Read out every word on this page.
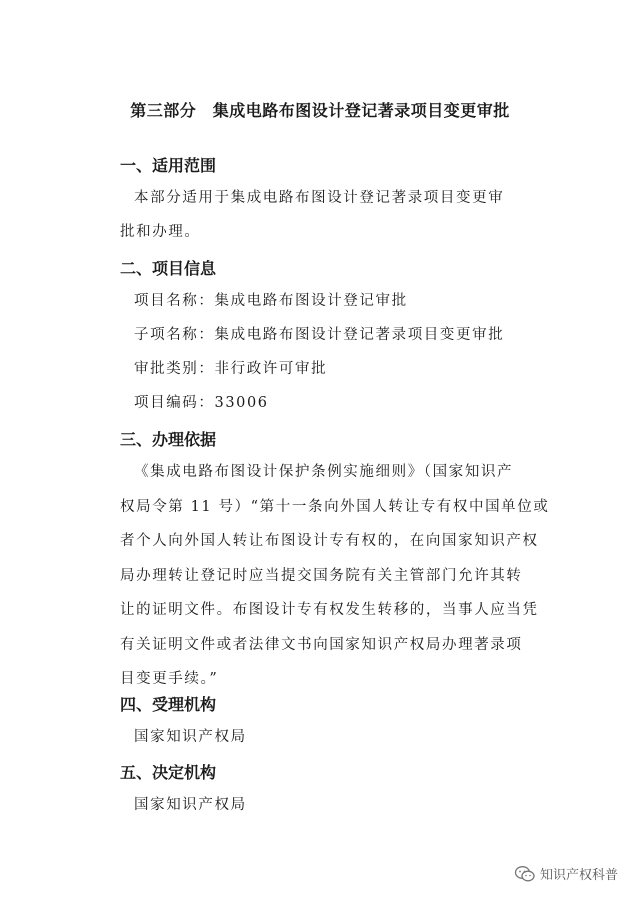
第三部分　集成电路布图设计登记著录项目变更审批
一、适用范围
本部分适用于集成电路布图设计登记著录项目变更审
批和办理。
二、项目信息
项目名称：集成电路布图设计登记审批
子项名称：集成电路布图设计登记著录项目变更审批
审批类别：非行政许可审批
项目编码：33006
三、办理依据
《集成电路布图设计保护条例实施细则》（国家知识产
权局令第 11 号）“第十一条向外国人转让专有权中国单位或
者个人向外国人转让布图设计专有权的，在向国家知识产权
局办理转让登记时应当提交国务院有关主管部门允许其转
让的证明文件。布图设计专有权发生转移的，当事人应当凭
有关证明文件或者法律文书向国家知识产权局办理著录项
目变更手续。”
四、受理机构
国家知识产权局
五、决定机构
国家知识产权局
知识产权科普
